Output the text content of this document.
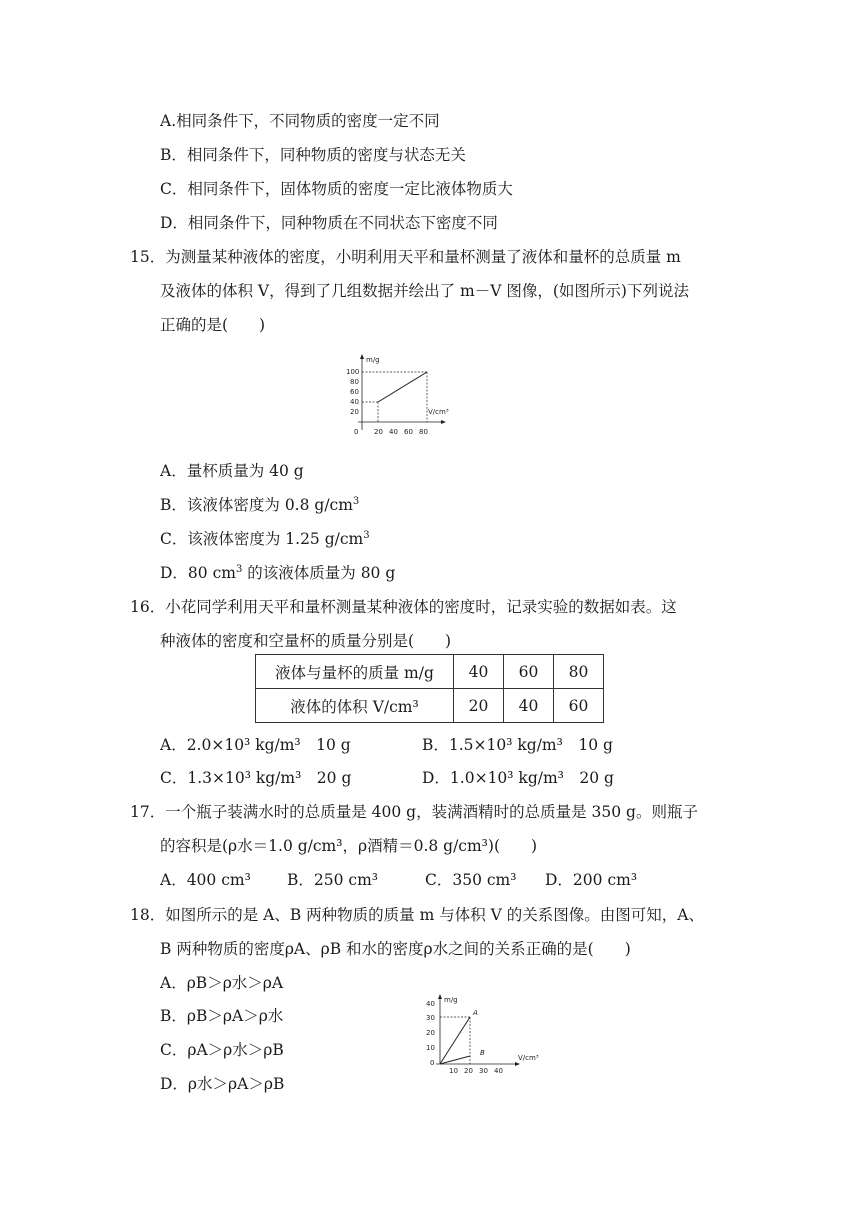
A.相同条件下，不同物质的密度一定不同
B．相同条件下，同种物质的密度与状态无关
C．相同条件下，固体物质的密度一定比液体物质大
D．相同条件下，同种物质在不同状态下密度不同
15．为测量某种液体的密度，小明利用天平和量杯测量了液体和量杯的总质量 m
及液体的体积 V，得到了几组数据并绘出了 m－V 图像，(如图所示)下列说法
正确的是(　　)
m/g
V/cm³
100
80
60
40
20
0 20 40 60 80
A．量杯质量为 40 g
B．该液体密度为 0.8 $g/cm^3$
C．该液体密度为 1.25 $g/cm^3$
D．80 $cm^3$ 的该液体质量为 80 g
16．小花同学利用天平和量杯测量某种液体的密度时，记录实验的数据如表。这
种液体的密度和空量杯的质量分别是(　　)
液体与量杯的质量 m/g	40	60	80
液体的体积 V/cm³	20	40	60
A．2.0×10³ kg/m³　10 g	B．1.5×10³ kg/m³　10 g
C．1.3×10³ kg/m³　20 g	D．1.0×10³ kg/m³　20 g
17．一个瓶子装满水时的总质量是 400 g，装满酒精时的总质量是 350 g。则瓶子
的容积是(ρ水＝1.0 g/cm³，ρ酒精＝0.8 g/cm³)(　　)
A．400 cm³ B．250 cm³	C．350 cm³ D．200 cm³
18．如图所示的是 A、B 两种物质的质量 m 与体积 V 的关系图像。由图可知，A、
B 两种物质的密度ρA、ρB 和水的密度ρ水之间的关系正确的是(　　)
A．ρB＞ρ水＞ρA
B．ρB＞ρA＞ρ水
C．ρA＞ρ水＞ρB
D．ρ水＞ρA＞ρB
m/g
V/cm³
40
30
20
10
0
10 20 30 40
A
B
